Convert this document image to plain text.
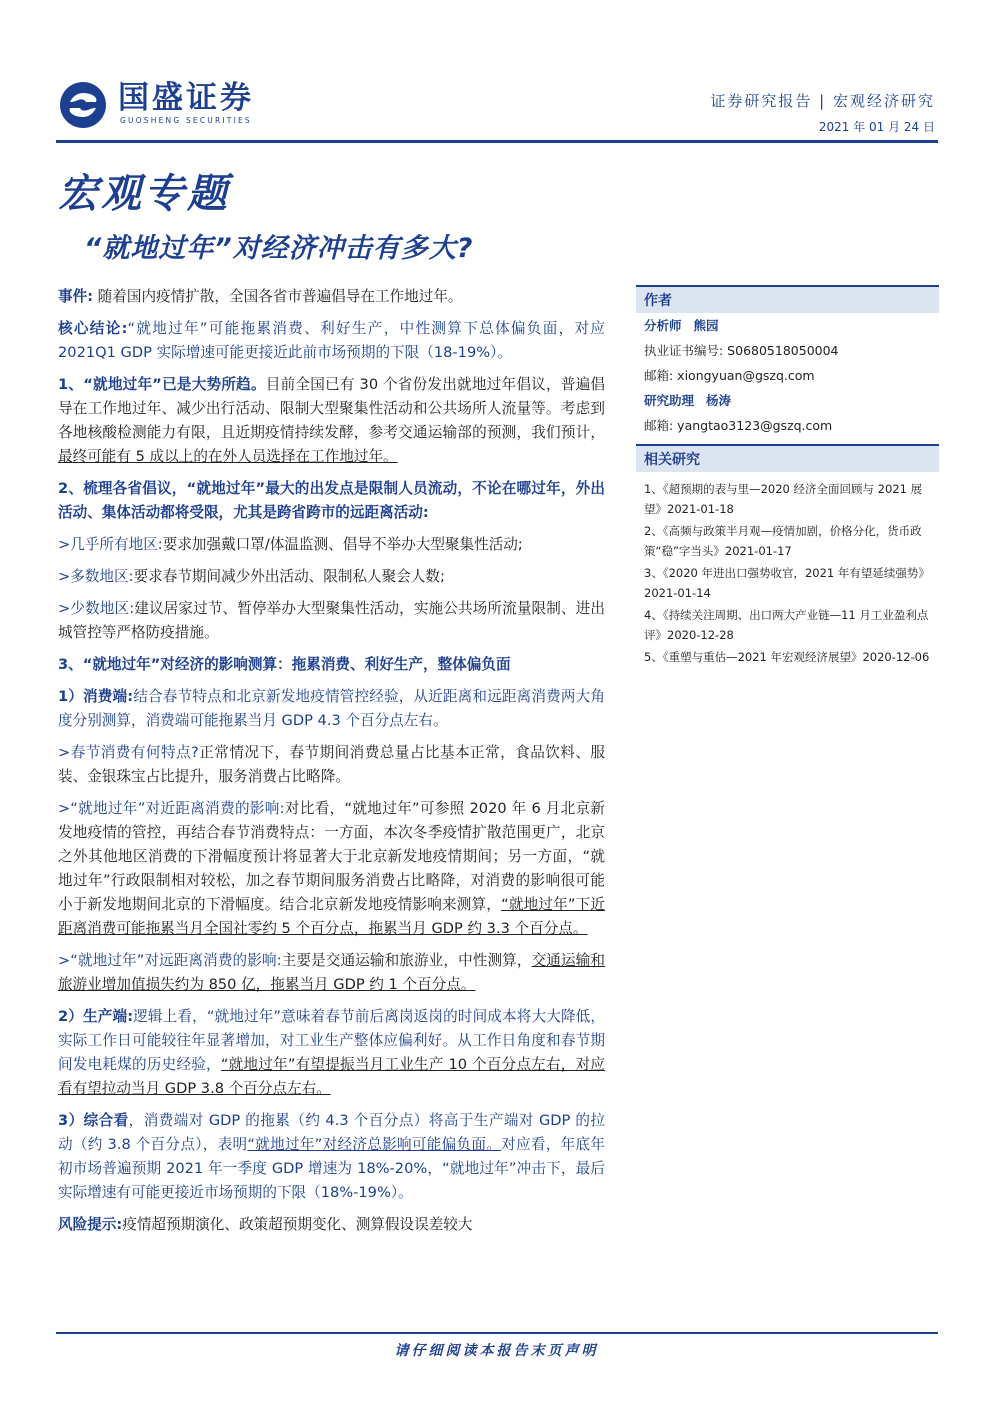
国盛证券
GUOSHENG SECURITIES
证券研究报告 | 宏观经济研究
2021 年 01 月 24 日
宏观专题
“就地过年”对经济冲击有多大?

事件: 随着国内疫情扩散，全国各省市普遍倡导在工作地过年。

核心结论:“就地过年”可能拖累消费、利好生产，中性测算下总体偏负面，对应 2021Q1 GDP 实际增速可能更接近此前市场预期的下限（18-19%）。

1、“就地过年”已是大势所趋。目前全国已有 30 个省份发出就地过年倡议，普遍倡导在工作地过年、减少出行活动、限制大型聚集性活动和公共场所人流量等。考虑到各地核酸检测能力有限，且近期疫情持续发酵，参考交通运输部的预测，我们预计，最终可能有 5 成以上的在外人员选择在工作地过年。

2、梳理各省倡议，“就地过年”最大的出发点是限制人员流动，不论在哪过年，外出活动、集体活动都将受限，尤其是跨省跨市的远距离活动:

>几乎所有地区:要求加强戴口罩/体温监测、倡导不举办大型聚集性活动;

>多数地区:要求春节期间减少外出活动、限制私人聚会人数;

>少数地区:建议居家过节、暂停举办大型聚集性活动，实施公共场所流量限制、进出城管控等严格防疫措施。

3、“就地过年”对经济的影响测算：拖累消费、利好生产，整体偏负面

1）消费端:结合春节特点和北京新发地疫情管控经验，从近距离和远距离消费两大角度分别测算，消费端可能拖累当月 GDP 4.3 个百分点左右。

>春节消费有何特点?正常情况下，春节期间消费总量占比基本正常，食品饮料、服装、金银珠宝占比提升，服务消费占比略降。

>“就地过年”对近距离消费的影响:对比看，“就地过年”可参照 2020 年 6 月北京新发地疫情的管控，再结合春节消费特点：一方面，本次冬季疫情扩散范围更广，北京之外其他地区消费的下滑幅度预计将显著大于北京新发地疫情期间；另一方面，“就地过年”行政限制相对较松，加之春节期间服务消费占比略降，对消费的影响很可能小于新发地期间北京的下滑幅度。结合北京新发地疫情影响来测算，“就地过年”下近距离消费可能拖累当月全国社零约 5 个百分点，拖累当月 GDP 约 3.3 个百分点。

>“就地过年”对远距离消费的影响:主要是交通运输和旅游业，中性测算，交通运输和旅游业增加值损失约为 850 亿，拖累当月 GDP 约 1 个百分点。

2）生产端:逻辑上看，“就地过年”意味着春节前后离岗返岗的时间成本将大大降低，实际工作日可能较往年显著增加，对工业生产整体应偏利好。从工作日角度和春节期间发电耗煤的历史经验，“就地过年”有望提振当月工业生产 10 个百分点左右，对应看有望拉动当月 GDP 3.8 个百分点左右。

3）综合看，消费端对 GDP 的拖累（约 4.3 个百分点）将高于生产端对 GDP 的拉动（约 3.8 个百分点），表明“就地过年”对经济总影响可能偏负面。对应看，年底年初市场普遍预期 2021 年一季度 GDP 增速为 18%-20%，“就地过年”冲击下，最后实际增速有可能更接近市场预期的下限（18%-19%）。

风险提示:疫情超预期演化、政策超预期变化、测算假设误差较大

作者
分析师 熊园
执业证书编号: S0680518050004
邮箱: xiongyuan@gszq.com
研究助理 杨涛
邮箱: yangtao3123@gszq.com
相关研究
1、《超预期的表与里—2020 经济全面回顾与 2021 展望》2021-01-18
2、《高频与政策半月观—疫情加剧，价格分化，货币政策“稳”字当头》2021-01-17
3、《2020 年进出口强势收官，2021 年有望延续强势》2021-01-14
4、《持续关注周期、出口两大产业链—11 月工业盈利点评》2020-12-28
5、《重塑与重估—2021 年宏观经济展望》2020-12-06
请仔细阅读本报告末页声明
